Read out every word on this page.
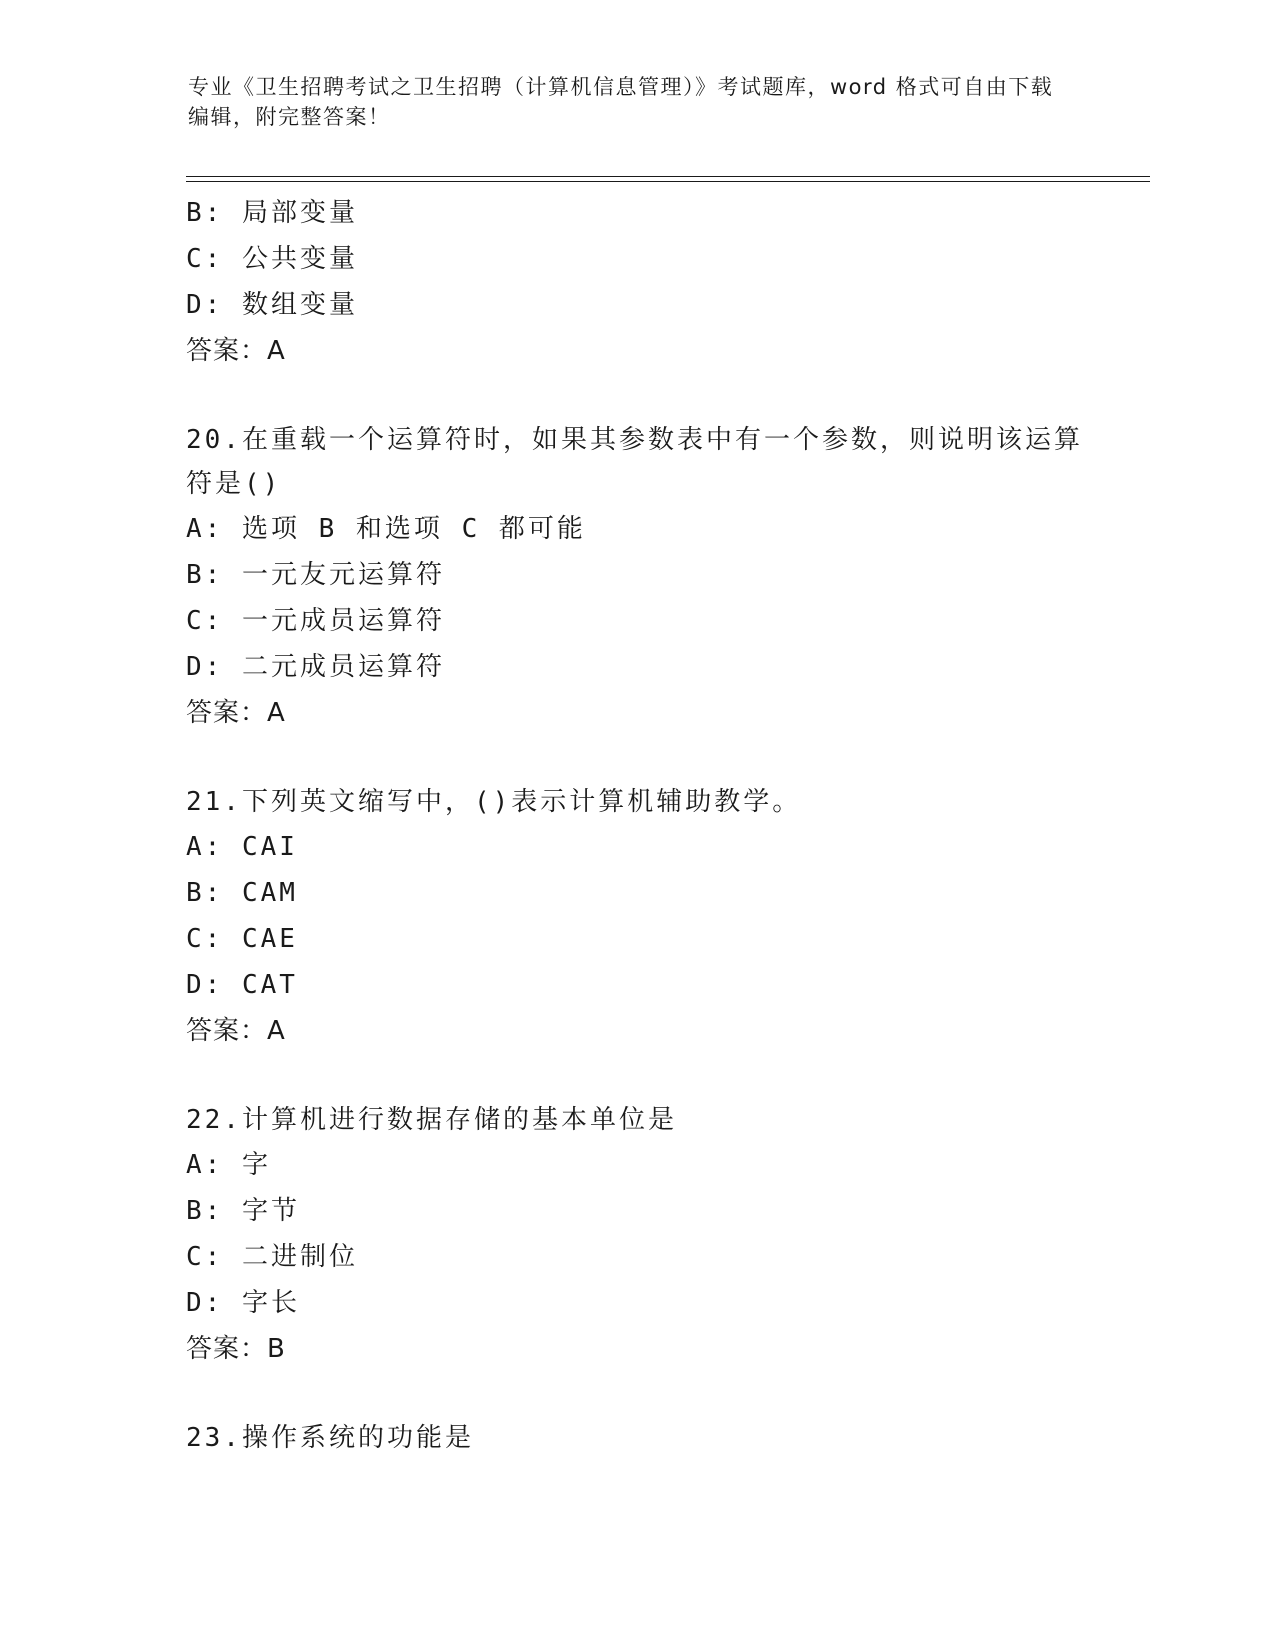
专业《卫生招聘考试之卫生招聘（计算机信息管理）》考试题库，word 格式可自由下载编辑，附完整答案！
B: 局部变量
C: 公共变量
D: 数组变量
答案：A
20.在重载一个运算符时，如果其参数表中有一个参数，则说明该运算符是()
A: 选项 B 和选项 C 都可能
B: 一元友元运算符
C: 一元成员运算符
D: 二元成员运算符
答案：A
21.下列英文缩写中，()表示计算机辅助教学。
A: CAI
B: CAM
C: CAE
D: CAT
答案：A
22.计算机进行数据存储的基本单位是
A: 字
B: 字节
C: 二进制位
D: 字长
答案：B
23.操作系统的功能是
